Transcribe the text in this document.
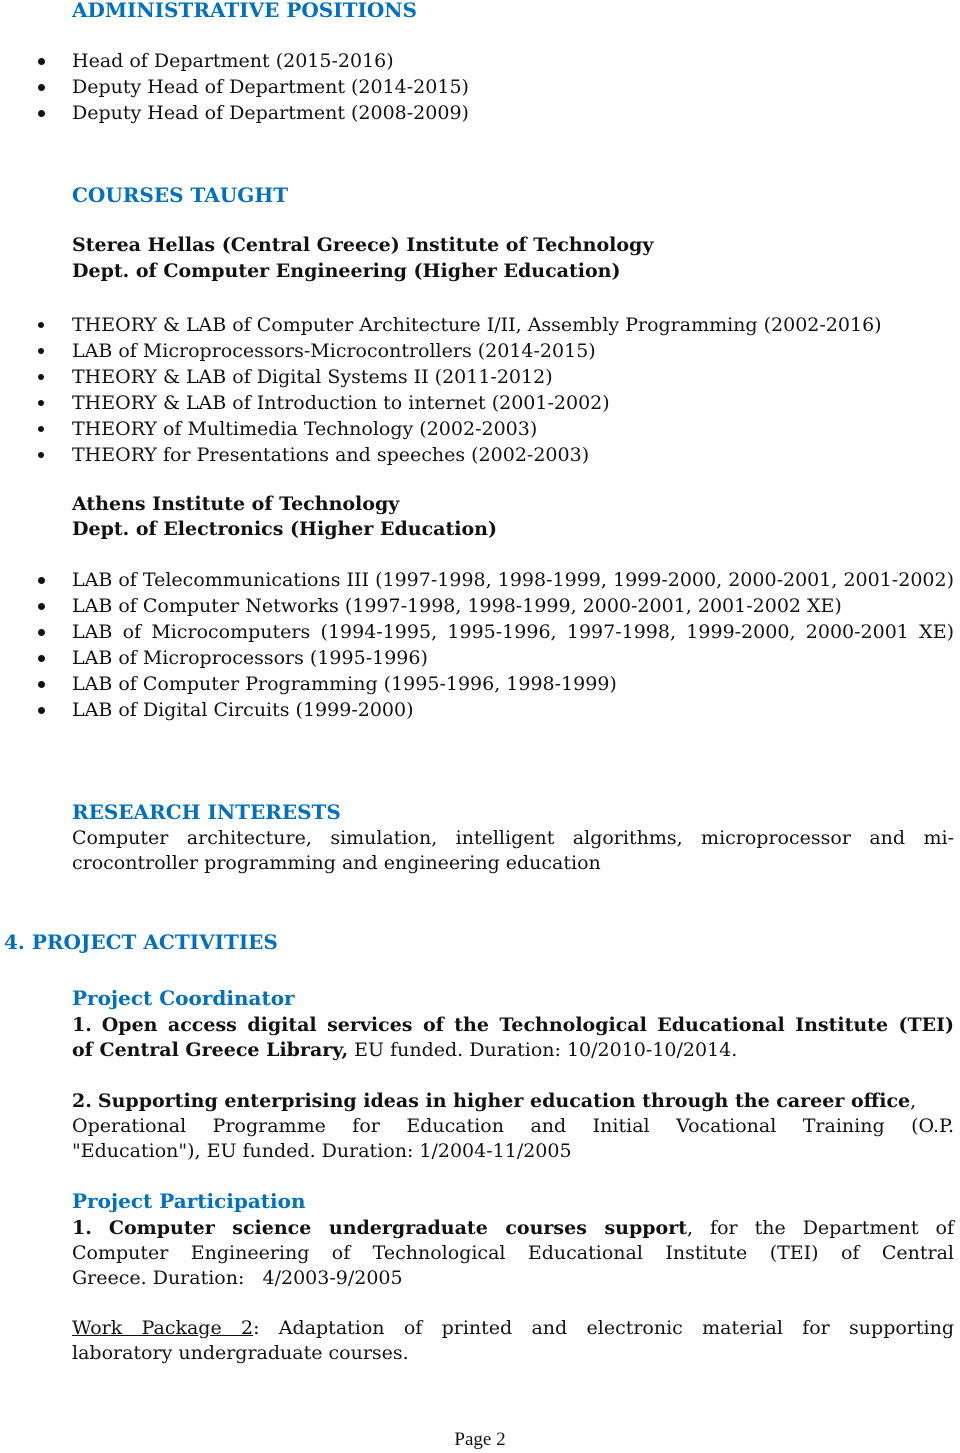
ADMINISTRATIVE POSITIONS
Head of Department (2015-2016)
Deputy Head of Department (2014-2015)
Deputy Head of Department (2008-2009)
COURSES TAUGHT
Sterea Hellas (Central Greece) Institute of Technology
Dept. of Computer Engineering (Higher Education)
THEORY & LAB of Computer Architecture I/II, Assembly Programming (2002-2016)
LAB of Microprocessors-Microcontrollers (2014-2015)
THEORY & LAB of Digital Systems II (2011-2012)
THEORY & LAB of Introduction to internet (2001-2002)
THEORY of Multimedia Technology (2002-2003)
THEORY for Presentations and speeches (2002-2003)
Athens Institute of Technology
Dept. of Electronics (Higher Education)
LAB of Telecommunications III (1997-1998, 1998-1999, 1999-2000, 2000-2001, 2001-2002)
LAB of Computer Networks (1997-1998, 1998-1999, 2000-2001, 2001-2002 XE)
LAB of Microcomputers (1994-1995, 1995-1996, 1997-1998, 1999-2000, 2000-2001 XE)
LAB of Microprocessors (1995-1996)
LAB of Computer Programming (1995-1996, 1998-1999)
LAB of Digital Circuits (1999-2000)
RESEARCH INTERESTS
Computer architecture, simulation, intelligent algorithms, microprocessor and mi-
crocontroller programming and engineering education
4. PROJECT ACTIVITIES
Project Coordinator
1. Open access digital services of the Technological Educational Institute (TEI)
of Central Greece Library, EU funded. Duration: 10/2010-10/2014.
2. Supporting enterprising ideas in higher education through the career office,
Operational Programme for Education and Initial Vocational Training (O.P.
"Education"), EU funded. Duration: 1/2004-11/2005
Project Participation
1. Computer science undergraduate courses support, for the Department of
Computer Engineering of Technological Educational Institute (TEI) of Central
Greece. Duration:   4/2003-9/2005
Work Package 2: Adaptation of printed and electronic material for supporting
laboratory undergraduate courses.
Page 2
